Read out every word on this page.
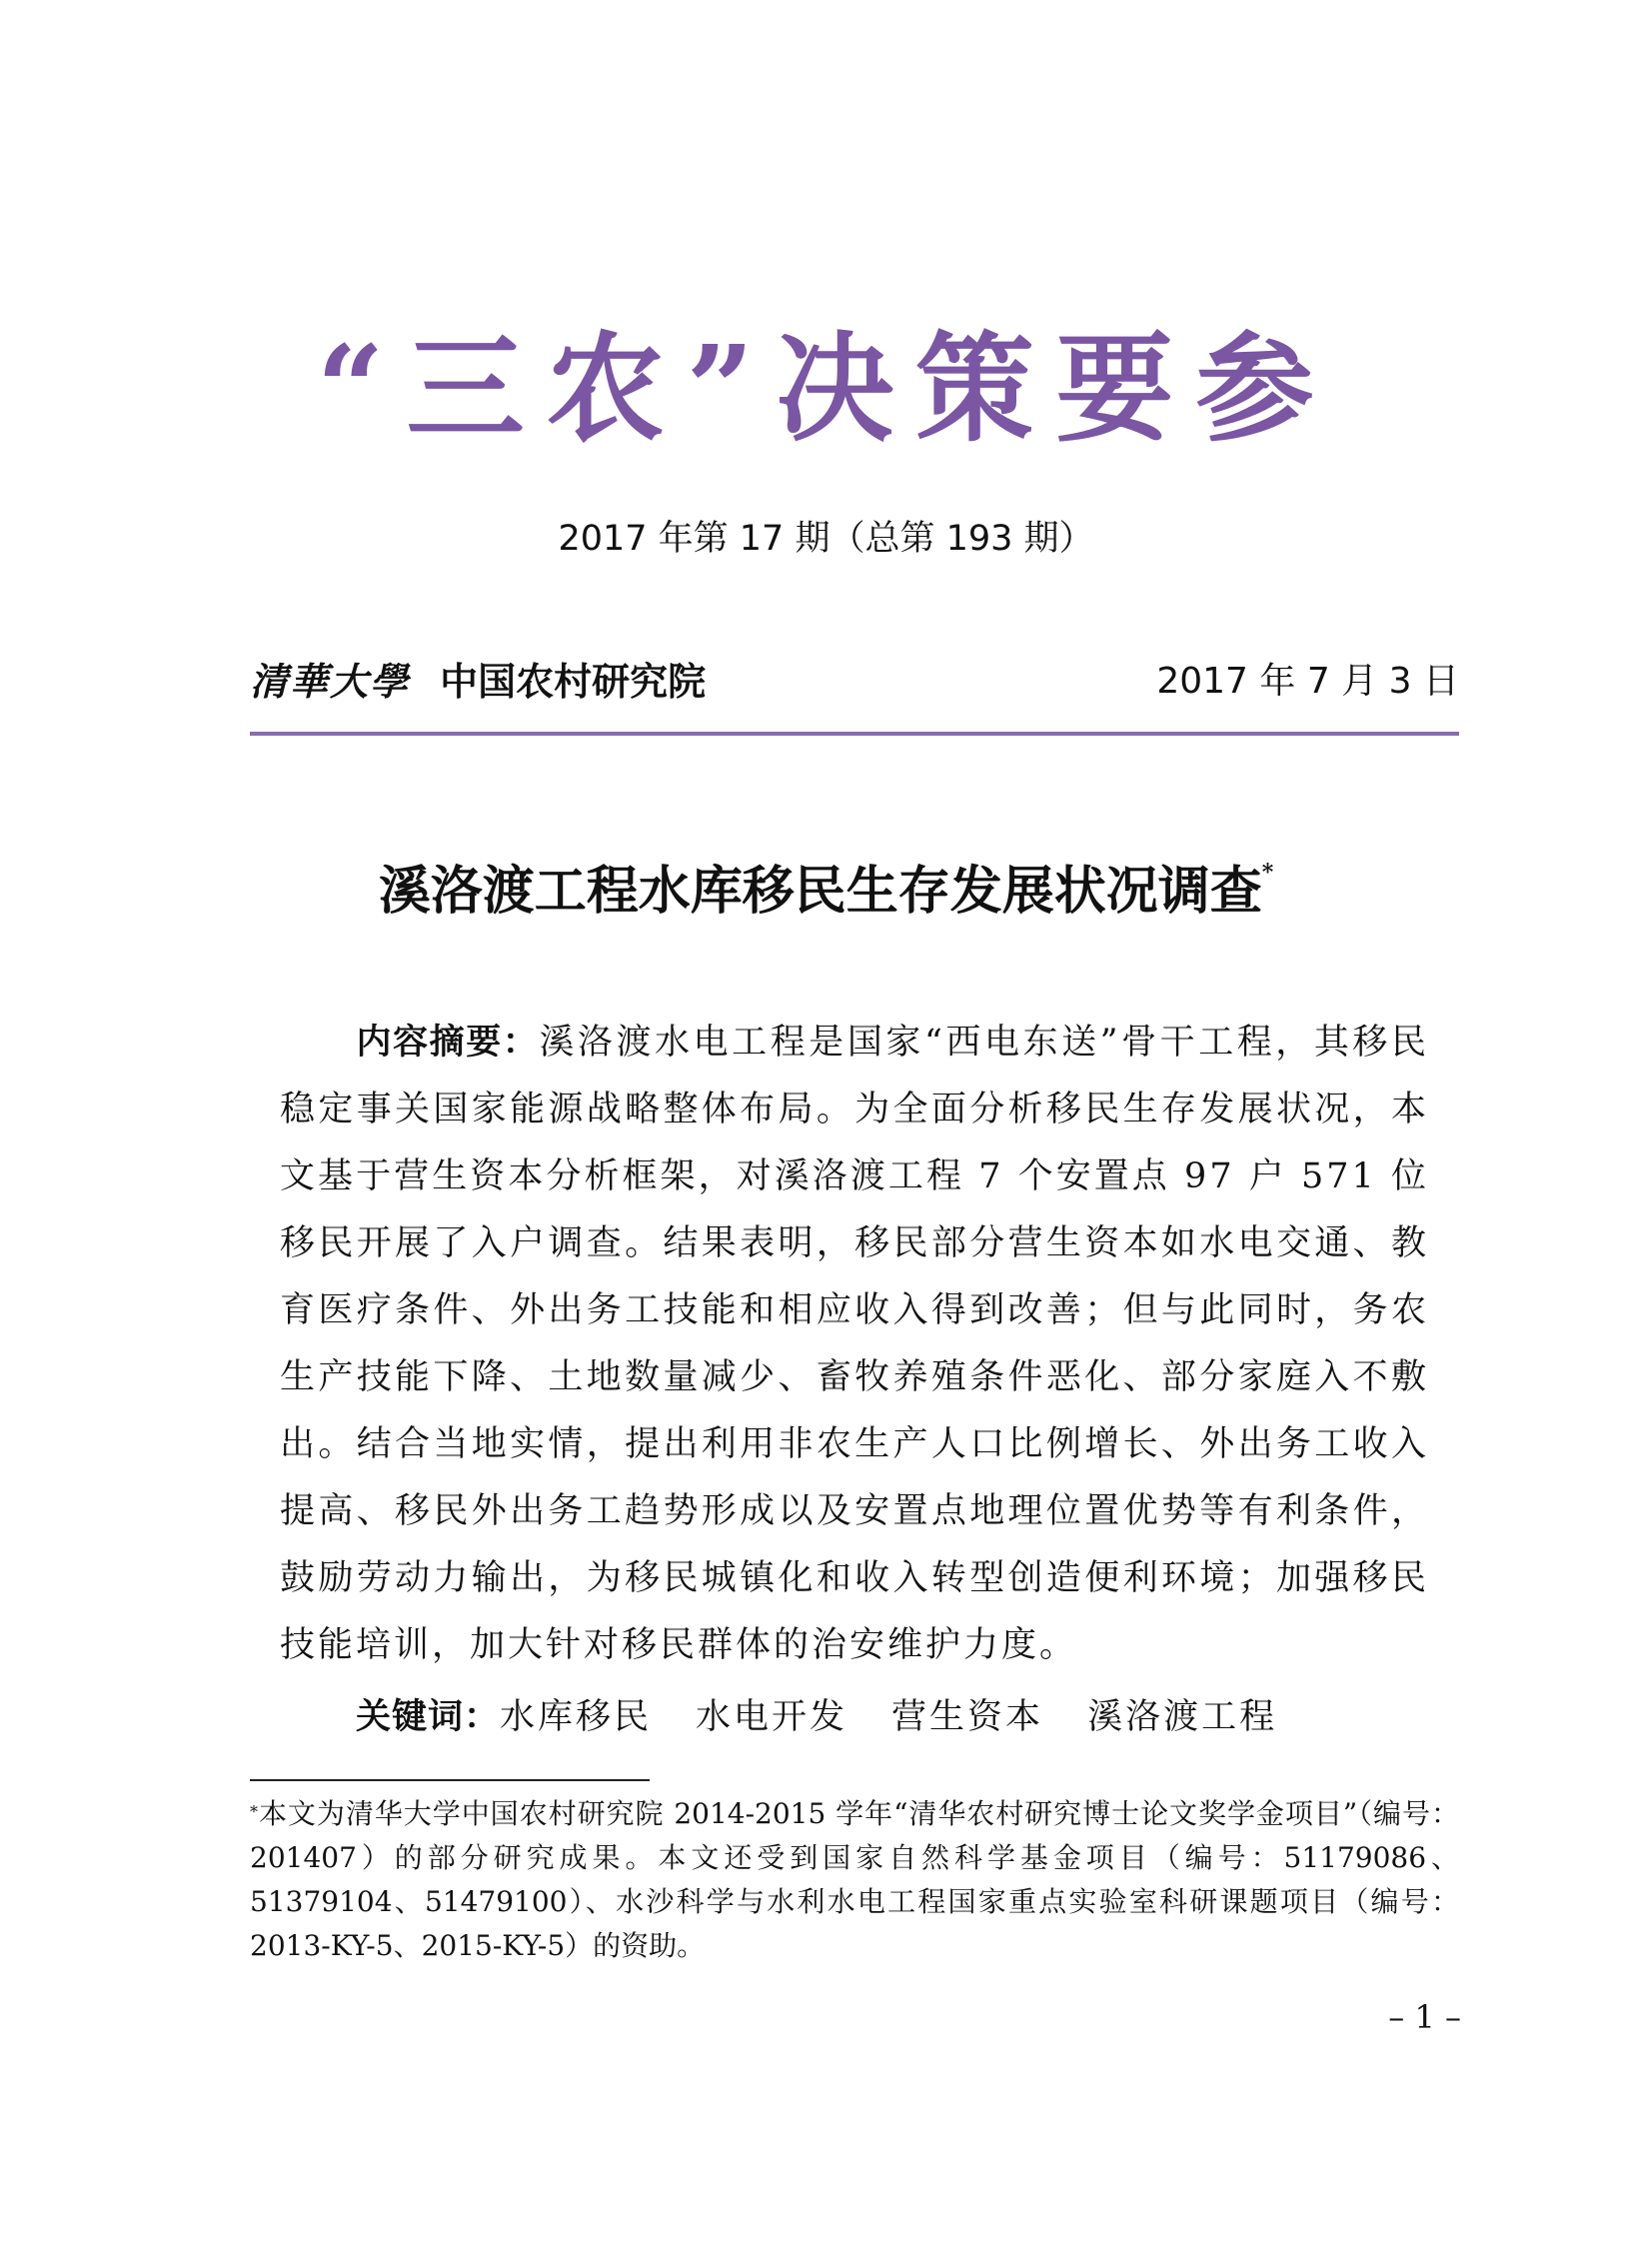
“三农”决策要参
2017 年第 17 期（总第 193 期）
清華大學 中国农村研究院	2017 年 7 月 3 日
溪洛渡工程水库移民生存发展状况调查*
内容摘要：溪洛渡水电工程是国家“西电东送”骨干工程，其移民稳定事关国家能源战略整体布局。为全面分析移民生存发展状况，本文基于营生资本分析框架，对溪洛渡工程 7 个安置点 97 户 571 位移民开展了入户调查。结果表明，移民部分营生资本如水电交通、教育医疗条件、外出务工技能和相应收入得到改善；但与此同时，务农生产技能下降、土地数量减少、畜牧养殖条件恶化、部分家庭入不敷出。结合当地实情，提出利用非农生产人口比例增长、外出务工收入提高、移民外出务工趋势形成以及安置点地理位置优势等有利条件，鼓励劳动力输出，为移民城镇化和收入转型创造便利环境；加强移民技能培训，加大针对移民群体的治安维护力度。
关键词：水库移民 水电开发 营生资本 溪洛渡工程
*本文为清华大学中国农村研究院 2014-2015 学年“清华农村研究博士论文奖学金项目”（编号：201407）的部分研究成果。本文还受到国家自然科学基金项目（编号：51179086、51379104、51479100）、水沙科学与水利水电工程国家重点实验室科研课题项目（编号：2013-KY-5、2015-KY-5）的资助。
– 1 –
